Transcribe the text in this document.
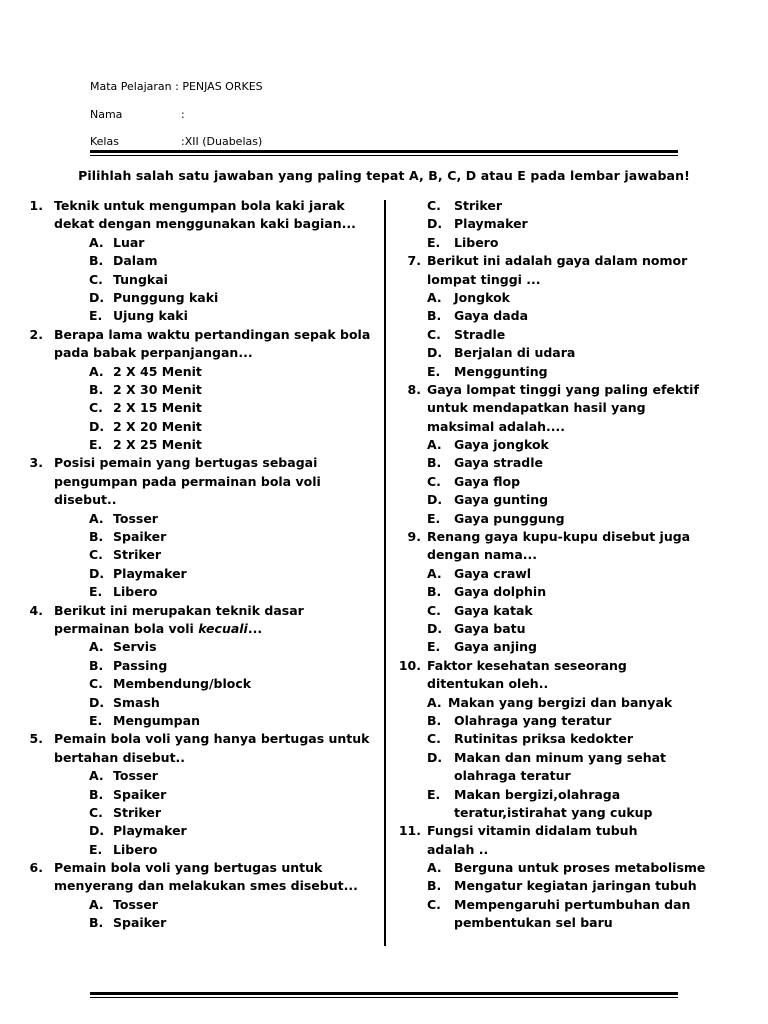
Mata Pelajaran : PENJAS ORKES
Nama	:
Kelas	:XII (Duabelas)
Pilihlah salah satu jawaban yang paling tepat A, B, C, D atau E pada lembar jawaban!
1. Teknik untuk mengumpan bola kaki jarak
dekat dengan menggunakan kaki bagian...
A. Luar
B. Dalam
C. Tungkai
D. Punggung kaki
E. Ujung kaki
2. Berapa lama waktu pertandingan sepak bola
pada babak perpanjangan...
A. 2 X 45 Menit
B. 2 X 30 Menit
C. 2 X 15 Menit
D. 2 X 20 Menit
E. 2 X 25 Menit
3. Posisi pemain yang bertugas sebagai
pengumpan pada permainan bola voli
disebut..
A. Tosser
B. Spaiker
C. Striker
D. Playmaker
E. Libero
4. Berikut ini merupakan teknik dasar
permainan bola voli kecuali...
A. Servis
B. Passing
C. Membendung/block
D. Smash
E. Mengumpan
5. Pemain bola voli yang hanya bertugas untuk
bertahan disebut..
A. Tosser
B. Spaiker
C. Striker
D. Playmaker
E. Libero
6. Pemain bola voli yang bertugas untuk
menyerang dan melakukan smes disebut...
A. Tosser
B. Spaiker
C. Striker
D. Playmaker
E. Libero
7. Berikut ini adalah gaya dalam nomor
lompat tinggi ...
A. Jongkok
B. Gaya dada
C. Stradle
D. Berjalan di udara
E. Menggunting
8. Gaya lompat tinggi yang paling efektif
untuk mendapatkan hasil yang
maksimal adalah....
A. Gaya jongkok
B. Gaya stradle
C. Gaya flop
D. Gaya gunting
E. Gaya punggung
9. Renang gaya kupu-kupu disebut juga
dengan nama...
A. Gaya crawl
B. Gaya dolphin
C. Gaya katak
D. Gaya batu
E. Gaya anjing
10. Faktor kesehatan seseorang
ditentukan oleh..
A. Makan yang bergizi dan banyak
B. Olahraga yang teratur
C. Rutinitas priksa kedokter
D. Makan dan minum yang sehat
olahraga teratur
E. Makan bergizi,olahraga
teratur,istirahat yang cukup
11. Fungsi vitamin didalam tubuh
adalah ..
A. Berguna untuk proses metabolisme
B. Mengatur kegiatan jaringan tubuh
C. Mempengaruhi pertumbuhan dan
pembentukan sel baru
